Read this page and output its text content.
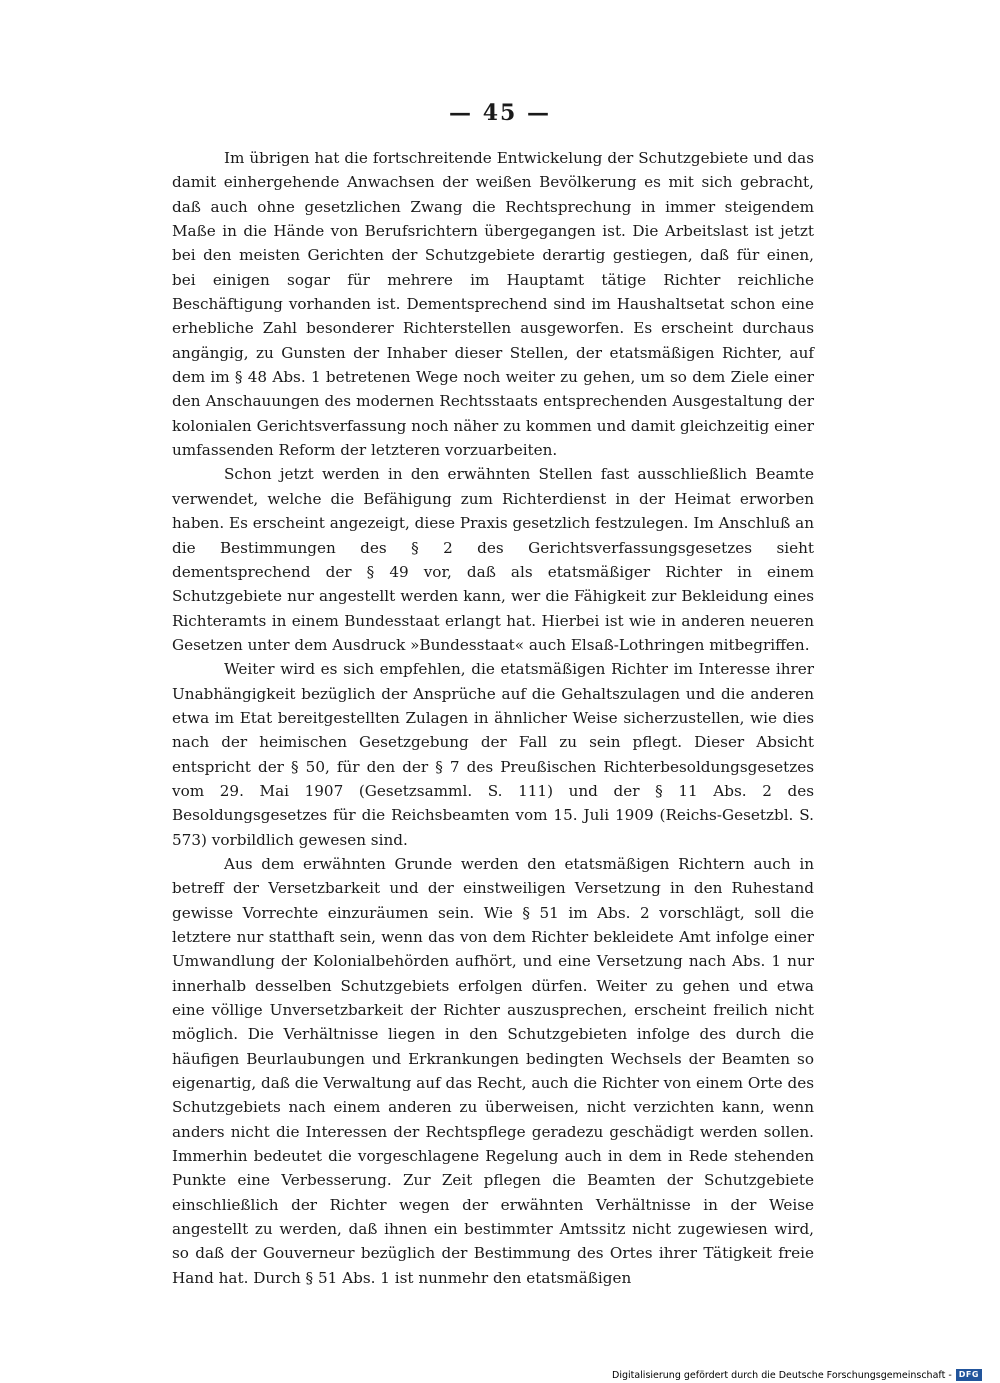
— 45 —

Im übrigen hat die fortschreitende Entwickelung der Schutzgebiete und das damit einhergehende Anwachsen der weißen Bevölkerung es mit sich gebracht, daß auch ohne gesetzlichen Zwang die Rechtsprechung in immer steigendem Maße in die Hände von Berufsrichtern übergegangen ist. Die Arbeitslast ist jetzt bei den meisten Gerichten der Schutzgebiete derartig gestiegen, daß für einen, bei einigen sogar für mehrere im Hauptamt tätige Richter reichliche Beschäftigung vorhanden ist. Dementsprechend sind im Haushaltsetat schon eine erhebliche Zahl besonderer Richterstellen ausgeworfen. Es erscheint durchaus angängig, zu Gunsten der Inhaber dieser Stellen, der etatsmäßigen Richter, auf dem im § 48 Abs. 1 betretenen Wege noch weiter zu gehen, um so dem Ziele einer den Anschauungen des modernen Rechtsstaats entsprechenden Ausgestaltung der kolonialen Gerichtsverfassung noch näher zu kommen und damit gleichzeitig einer umfassenden Reform der letzteren vorzuarbeiten.

Schon jetzt werden in den erwähnten Stellen fast ausschließlich Beamte verwendet, welche die Befähigung zum Richterdienst in der Heimat erworben haben. Es erscheint angezeigt, diese Praxis gesetzlich festzulegen. Im Anschluß an die Bestimmungen des § 2 des Gerichtsverfassungsgesetzes sieht dementsprechend der § 49 vor, daß als etatsmäßiger Richter in einem Schutzgebiete nur angestellt werden kann, wer die Fähigkeit zur Bekleidung eines Richteramts in einem Bundesstaat erlangt hat. Hierbei ist wie in anderen neueren Gesetzen unter dem Ausdruck »Bundesstaat« auch Elsaß-Lothringen mitbegriffen.

Weiter wird es sich empfehlen, die etatsmäßigen Richter im Interesse ihrer Unabhängigkeit bezüglich der Ansprüche auf die Gehaltszulagen und die anderen etwa im Etat bereitgestellten Zulagen in ähnlicher Weise sicherzustellen, wie dies nach der heimischen Gesetzgebung der Fall zu sein pflegt. Dieser Absicht entspricht der § 50, für den der § 7 des Preußischen Richterbesoldungsgesetzes vom 29. Mai 1907 (Gesetzsamml. S. 111) und der § 11 Abs. 2 des Besoldungsgesetzes für die Reichsbeamten vom 15. Juli 1909 (Reichs-Gesetzbl. S. 573) vorbildlich gewesen sind.

Aus dem erwähnten Grunde werden den etatsmäßigen Richtern auch in betreff der Versetzbarkeit und der einstweiligen Versetzung in den Ruhestand gewisse Vorrechte einzuräumen sein. Wie § 51 im Abs. 2 vorschlägt, soll die letztere nur statthaft sein, wenn das von dem Richter bekleidete Amt infolge einer Umwandlung der Kolonialbehörden aufhört, und eine Versetzung nach Abs. 1 nur innerhalb desselben Schutzgebiets erfolgen dürfen. Weiter zu gehen und etwa eine völlige Unversetzbarkeit der Richter auszusprechen, erscheint freilich nicht möglich. Die Verhältnisse liegen in den Schutzgebieten infolge des durch die häufigen Beurlaubungen und Erkrankungen bedingten Wechsels der Beamten so eigenartig, daß die Verwaltung auf das Recht, auch die Richter von einem Orte des Schutzgebiets nach einem anderen zu überweisen, nicht verzichten kann, wenn anders nicht die Interessen der Rechtspflege geradezu geschädigt werden sollen. Immerhin bedeutet die vorgeschlagene Regelung auch in dem in Rede stehenden Punkte eine Verbesserung. Zur Zeit pflegen die Beamten der Schutzgebiete einschließlich der Richter wegen der erwähnten Verhältnisse in der Weise angestellt zu werden, daß ihnen ein bestimmter Amtssitz nicht zugewiesen wird, so daß der Gouverneur bezüglich der Bestimmung des Ortes ihrer Tätigkeit freie Hand hat. Durch § 51 Abs. 1 ist nunmehr den etatsmäßigen

Digitalisierung gefördert durch die Deutsche Forschungsgemeinschaft - DFG
